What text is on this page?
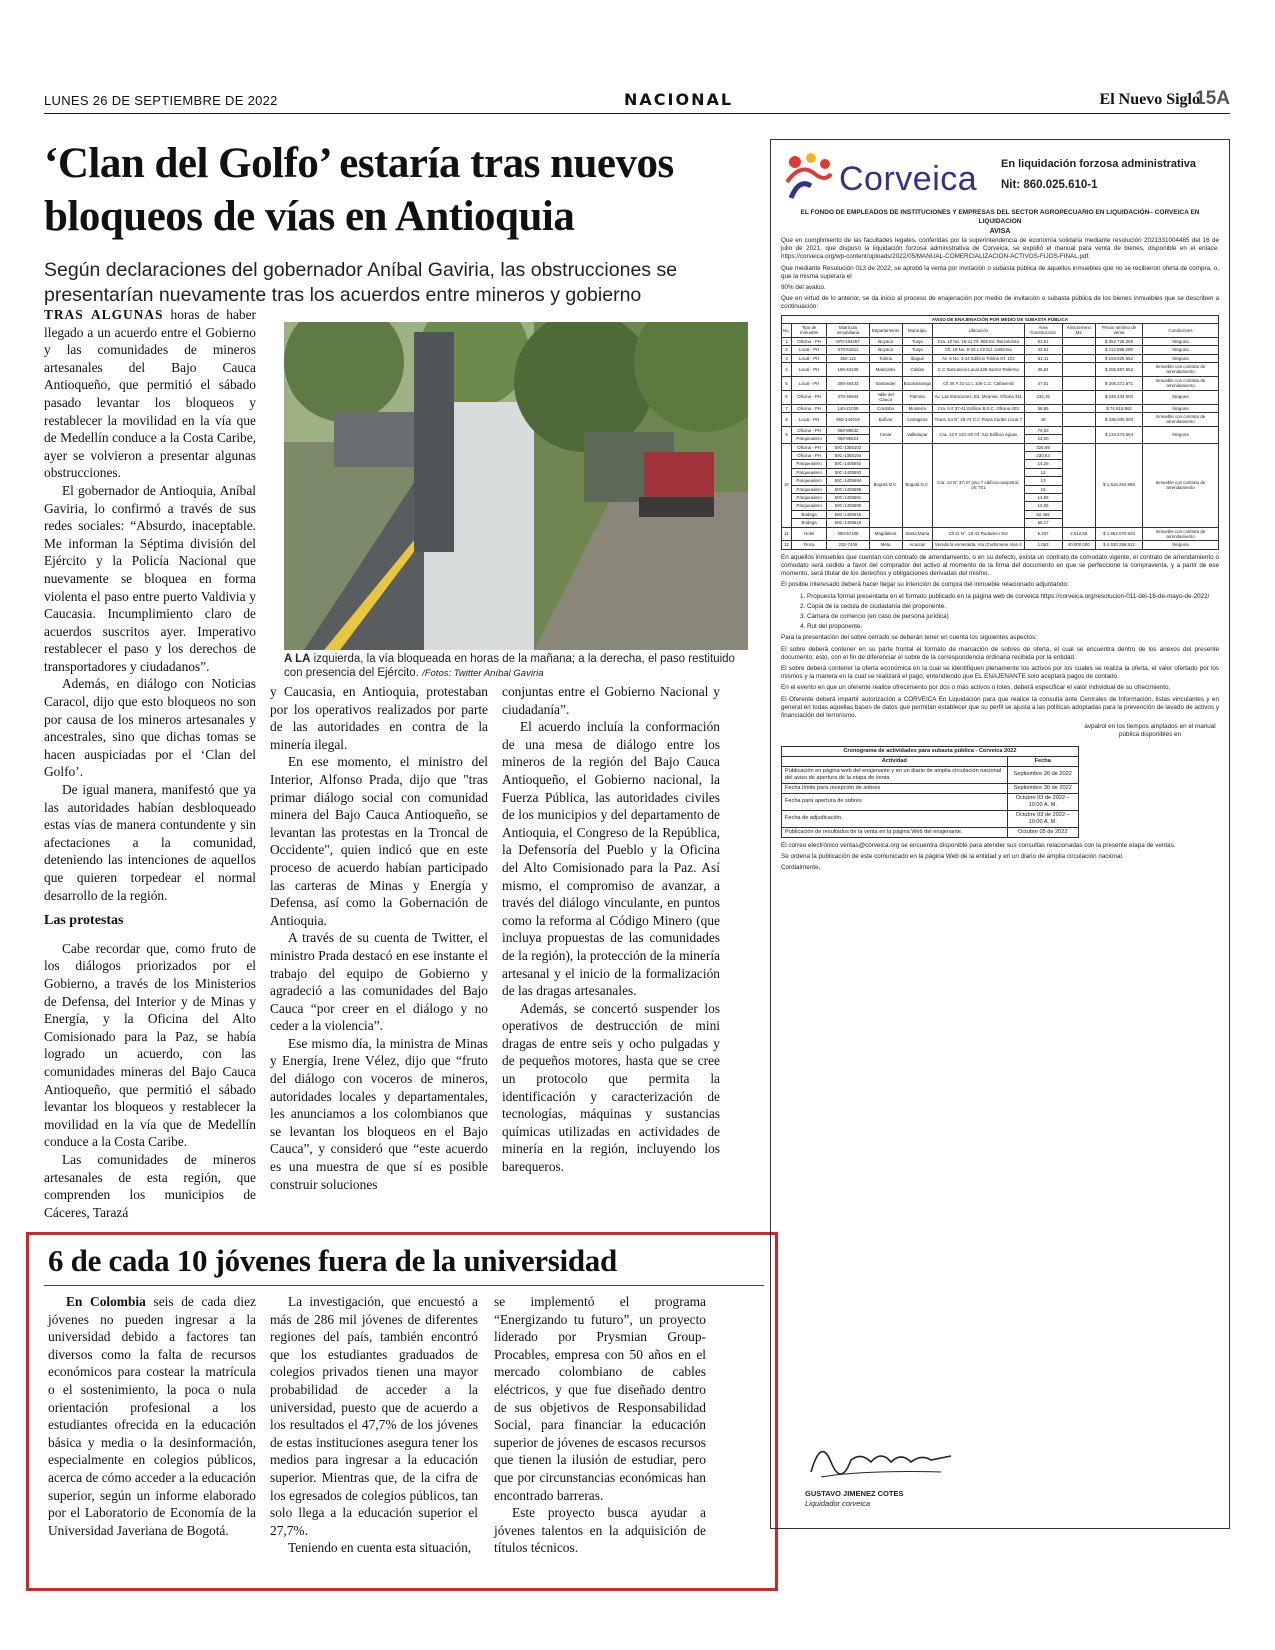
LUNES 26 DE SEPTIEMBRE DE 2022	NACIONAL	El Nuevo Siglo
15A
‘Clan del Golfo’ estaría tras nuevos bloqueos de vías en Antioquia
Según declaraciones del gobernador Aníbal Gaviria, las obstrucciones se presentarían nuevamente tras los acuerdos entre mineros y gobierno

TRAS ALGUNAS horas de haber llegado a un acuerdo entre el Gobierno y las comunidades de mineros artesanales del Bajo Cauca Antioqueño, que permitió el sábado pasado levantar los bloqueos y restablecer la movilidad en la vía que de Medellín conduce a la Costa Caribe, ayer se volvieron a presentar algunas obstrucciones.

El gobernador de Antioquia, Aníbal Gaviria, lo confirmó a través de sus redes sociales: “Absurdo, inaceptable. Me informan la Séptima división del Ejército y la Policía Nacional que nuevamente se bloquea en forma violenta el paso entre puerto Valdivia y Caucasia. Incumplimiento claro de acuerdos suscritos ayer. Imperativo restablecer el paso y los derechos de transportadores y ciudadanos”.

Además, en diálogo con Noticias Caracol, dijo que esto bloqueos no son por causa de los mineros artesanales y ancestrales, sino que dichas tomas se hacen auspiciadas por el ‘Clan del Golfo’.

De igual manera, manifestó que ya las autoridades habían desbloqueado estas vías de manera contundente y sin afectaciones a la comunidad, deteniendo las intenciones de aquellos que quieren torpedear el normal desarrollo de la región.

Las protestas

Cabe recordar que, como fruto de los diálogos priorizados por el Gobierno, a través de los Ministerios de Defensa, del Interior y de Minas y Energía, y la Oficina del Alto Comisionado para la Paz, se había logrado un acuerdo, con las comunidades mineras del Bajo Cauca Antioqueño, que permitió el sábado levantar los bloqueos y restablecer la movilidad en la vía que de Medellín conduce a la Costa Caribe.

Las comunidades de mineros artesanales de esta región, que comprenden los municipios de Cáceres, Tarazá

A LA izquierda, la vía bloqueada en horas de la mañana; a la derecha, el paso restituido con presencia del Ejército. /Fotos: Twitter Aníbal Gaviria

y Caucasia, en Antioquia, protestaban por los operativos realizados por parte de las autoridades en contra de la minería ilegal.

En ese momento, el ministro del Interior, Alfonso Prada, dijo que "tras primar diálogo social con comunidad minera del Bajo Cauca Antioqueño, se levantan las protestas en la Troncal de Occidente", quien indicó que en este proceso de acuerdo habían participado las carteras de Minas y Energía y Defensa, así como la Gobernación de Antioquia.

A través de su cuenta de Twitter, el ministro Prada destacó en ese instante el trabajo del equipo de Gobierno y agradeció a las comunidades del Bajo Cauca “por creer en el diálogo y no ceder a la violencia”.

Ese mismo día, la ministra de Minas y Energía, Irene Vélez, dijo que “fruto del diálogo con voceros de mineros, autoridades locales y departamentales, les anunciamos a los colombianos que se levantan los bloqueos en el Bajo Cauca”, y consideró que “este acuerdo es una muestra de que sí es posible construir soluciones

conjuntas entre el Gobierno Nacional y ciudadanía”.

El acuerdo incluía la conformación de una mesa de diálogo entre los mineros de la región del Bajo Cauca Antioqueño, el Gobierno nacional, la Fuerza Pública, las autoridades civiles de los municipios y del departamento de Antioquia, el Congreso de la República, la Defensoría del Pueblo y la Oficina del Alto Comisionado para la Paz. Así mismo, el compromiso de avanzar, a través del diálogo vinculante, en puntos como la reforma al Código Minero (que incluya propuestas de las comunidades de la región), la protección de la minería artesanal y el inicio de la formalización de las dragas artesanales.

Además, se concertó suspender los operativos de destrucción de mini dragas de entre seis y ocho pulgadas y de pequeños motores, hasta que se cree un protocolo que permita la identificación y caracterización de tecnologías, máquinas y sustancias químicas utilizadas en actividades de minería en la región, incluyendo los barequeros.

6 de cada 10 jóvenes fuera de la universidad

En Colombia seis de cada diez jóvenes no pueden ingresar a la universidad debido a factores tan diversos como la falta de recursos económicos para costear la matrícula o el sostenimiento, la poca o nula orientación profesional a los estudiantes ofrecida en la educación básica y media o la desinformación, especialmente en colegios públicos, acerca de cómo acceder a la educación superior, según un informe elaborado por el Laboratorio de Economía de la Universidad Javeriana de Bogotá.

La investigación, que encuestó a más de 286 mil jóvenes de diferentes regiones del país, también encontró que los estudiantes graduados de colegios privados tienen una mayor probabilidad de acceder a la universidad, puesto que de acuerdo a los resultados el 47,7% de los jóvenes de estas instituciones asegura tener los medios para ingresar a la educación superior. Mientras que, de la cifra de los egresados de colegios públicos, tan solo llega a la educación superior el 27,7%.

Teniendo en cuenta esta situación,

se implementó el programa “Energizando tu futuro”, un proyecto liderado por Prysmian Group- Procables, empresa con 50 años en el mercado colombiano de cables eléctricos, y que fue diseñado dentro de sus objetivos de Responsabilidad Social, para financiar la educación superior de jóvenes de escasos recursos que tienen la ilusión de estudiar, pero que por circunstancias económicas han encontrado barreras.

Este proyecto busca ayudar a jóvenes talentos en la adquisición de títulos técnicos.

Corveica En liquidación forzosa administrativa
Nit: 860.025.610-1
EL FONDO DE EMPLEADOS DE INSTITUCIONES Y EMPRESAS DEL SECTOR AGROPECUARIO EN LIQUIDACIÓN– CORVEICA EN LIQUIDACION
AVISA
Que en cumplimiento de las facultades legales, conferidas por la superintendencia de economía solidaria mediante resolución 2021331004485 del 16 de julio de 2021, que dispuso la liquidación forzosa administrativa de Corveica, se expidió el manual para venta de bienes, disponible en el enlace: https://corveica.org/wp-content/uploads/2022/05/MANUAL-COMERCIALIZACION-ACTIVOS-FIJOS-FINAL.pdf.
Que mediante Resolución 013 de 2022, se aprobó la venta por invitación o subasta pública de aquellos inmuebles que no se recibieron oferta de compra, o, que la misma superara el
90% del avalúo.
Que en virtud de lo anterior, se da inicio al proceso de enajenación por medio de invitación o subasta pública de los bienes inmuebles que se describen a continuación:
AVISO DE ENAJENACIÓN POR MEDIO DE SUBASTA PÚBLICA									
No.	Tipo de inmueble	Matrícula inmobiliaria	Departamento	Municipio	Ubicación	Área Construcción	Área terreno M2	Precio mínimo de venta	Condiciones
1	Oficina - PH	070-194267	Boyacá	Tunja	Cra. 10 No. 16-11 Of. 805 Ed. Barcelonita	61,51		$ 352.728.259	Ninguna
2	Local - PH	070-51811	Boyacá	Tunja	Cll. 19 No. 9-43 L 02 Ed. california	33,61		$ 112.996.209	Ninguna
3	Local - PH	350-113	Tolima	Ibagué	Av. 5 No. 3-14 Edificio Tolima Of. 101	61,11		$ 193.826.652	Ninguna
4	Local - PH	100-43109	Manizales	Caldas	C.C Sancancio Local 328 Sector Palermo	36,84		$ 206.357.652	Inmueble con contrato de arrendamiento
5	Local - PH	300-46433	Santander	Bucaramanga	Cll 36 # 31-11 L 106 C.C. Cañaveral	47,51		$ 206.271.571	Inmueble con contrato de arrendamiento
6	Oficina - PH	378-46844	Valle del Cauca	Palmira	Av. Las Estaciones, Ed. Miramar, Oficina 311	232,15		$ 245.434.000	Ninguna
7	Oficina - PH	140-21038	Córdoba	Montería	Cra. 6 # 37-41 Edificio B.S.C. Oficina 403	56,85		$ 74.615.962	Ninguna
8	Local - PH	060-144019	Bolívar	Cartagena	Trans. 54 N° 25-74 C.C Plaza Caribe Local 7	48		$ 336.000.000	Inmueble con contrato de arrendamiento
9	Oficina - PH	050-95532	Cesar	Valledupar	Cra. 14 # 13C-60 Of. 311 Edificio Aguas	74,63		$ 134.573.564	Ninguna
	Parqueadero	050-95524				13,00			
10	Oficina - PH	50C-1355103	Bogotá D.C.	Bogotá D.C.	Cra. 13 N° 37-37 piso 7 edificio cavipetrol, ofc 701	326,68		$ 1.616.254.995	Inmueble con contrato de arrendamiento
	Oficina - PH	50C-1355104				230,63			
	Parqueadero	50C-1405592				14,25			
	Parqueadero	50C-1405593				13			
	Parqueadero	50C-1405594				13			
	Parqueadero	50C-1405595				15			
	Parqueadero	50C-1405591				14,55			
	Parqueadero	50C-1405590				12,05			
	Bodega	50C-1405615				62,466			
	Bodega	50C-1405616				60,17			
11	Hotel	080-57108	Magdalena	Santa Marta	Cll 11 N°. 18-43 Rodadero Sur	5.337	2.512,55	$ 1.652.070.833	Inmueble con contrato de arrendamiento
12	Finca	232-7449	Meta	Acacías	Vereda la esmeralda, Via Chichimene Alan 4	1.063	40.000.000	$ 4.530.256.912	Ninguna
En aquellos inmuebles que cuentan con contrato de arrendamiento, o en su defecto, exista un contrato de comodato vigente, el contrato de arrendamiento o comodato será cedido a favor del comprador del activo al momento de la firma del documento en que se perfeccione la compraventa, y a partir de ese momento, será titular de los derechos y obligaciones derivadas del mismo.
El posible interesado deberá hacer llegar su intención de compra del inmueble relacionado adjuntando:
1. Propuesta formal presentada en el formato publicado en la página web de corveica https://corveica.org/resolucion-011-del-16-de-mayo-de-2022/
2. Copia de la cedula de ciudadanía del proponente.
3. Cámara de comercio (en caso de persona jurídica)
4. Rut del proponente.
Para la presentación del sobre cerrado se deberán tener en cuenta los siguientes aspectos:
El sobre deberá contener en su parte frontal el formato de marcación de sobres de oferta, el cual se encuentra dentro de los anexos del presente documento; esto, con el fin de diferenciar el sobre de la correspondencia ordinaria recibida por la entidad.
El sobre deberá contener la oferta económica en la cual se identifiquen plenamente los activos por los cuales se realiza la oferta, el valor ofertado por los mismos y la manera en la cual se realizará el pago, entendiendo que EL ENAJENANTE solo aceptará pagos de contado.
En el evento en que un oferente realice ofrecimiento por dos o más activos o lotes, deberá especificar el valor individual de su ofrecimiento.
El Oferente deberá impartir autorización a CORVEICA En Liquidación para que realice la consulta ante Centrales de Información, listas vinculantes y en general en todas aquellas bases de datos que permitan establecer que su perfil se ajusta a las políticas adoptadas para la prevención de lavado de activos y financiación del terrorismo.
avpalrol en los tiempos amplados en el manual pública disponibles en
Cronograma de actividades para subasta pública - Corveica 2022	
Actividad	Fecha
Publicación en página web del enajenante y en un diario de amplia circulación nacional del aviso de apertura de la etapa de venta	Septiembre 26 de 2022
Fecha límite para recepción de sobres	Septiembre 30 de 2022
Fecha para apertura de sobres	Octubre 03 de 2022 – 10:00 A. M.
Fecha de adjudicación.	Octubre 03 de 2022 – 10:00 A. M.
Publicación de resultados de la venta en la página Web del enajenante.	Octubre 05 de 2022
El correo electrónico ventas@corveica.org se encuentra disponible para atender sus consultas relacionadas con la presente etapa de ventas.
Se ordena la publicación de este comunicado en la página Web de la entidad y en un diario de amplia circulación nacional.
Cordialmente,
GUSTAVO JIMENEZ COTES
Liquidador corveica
